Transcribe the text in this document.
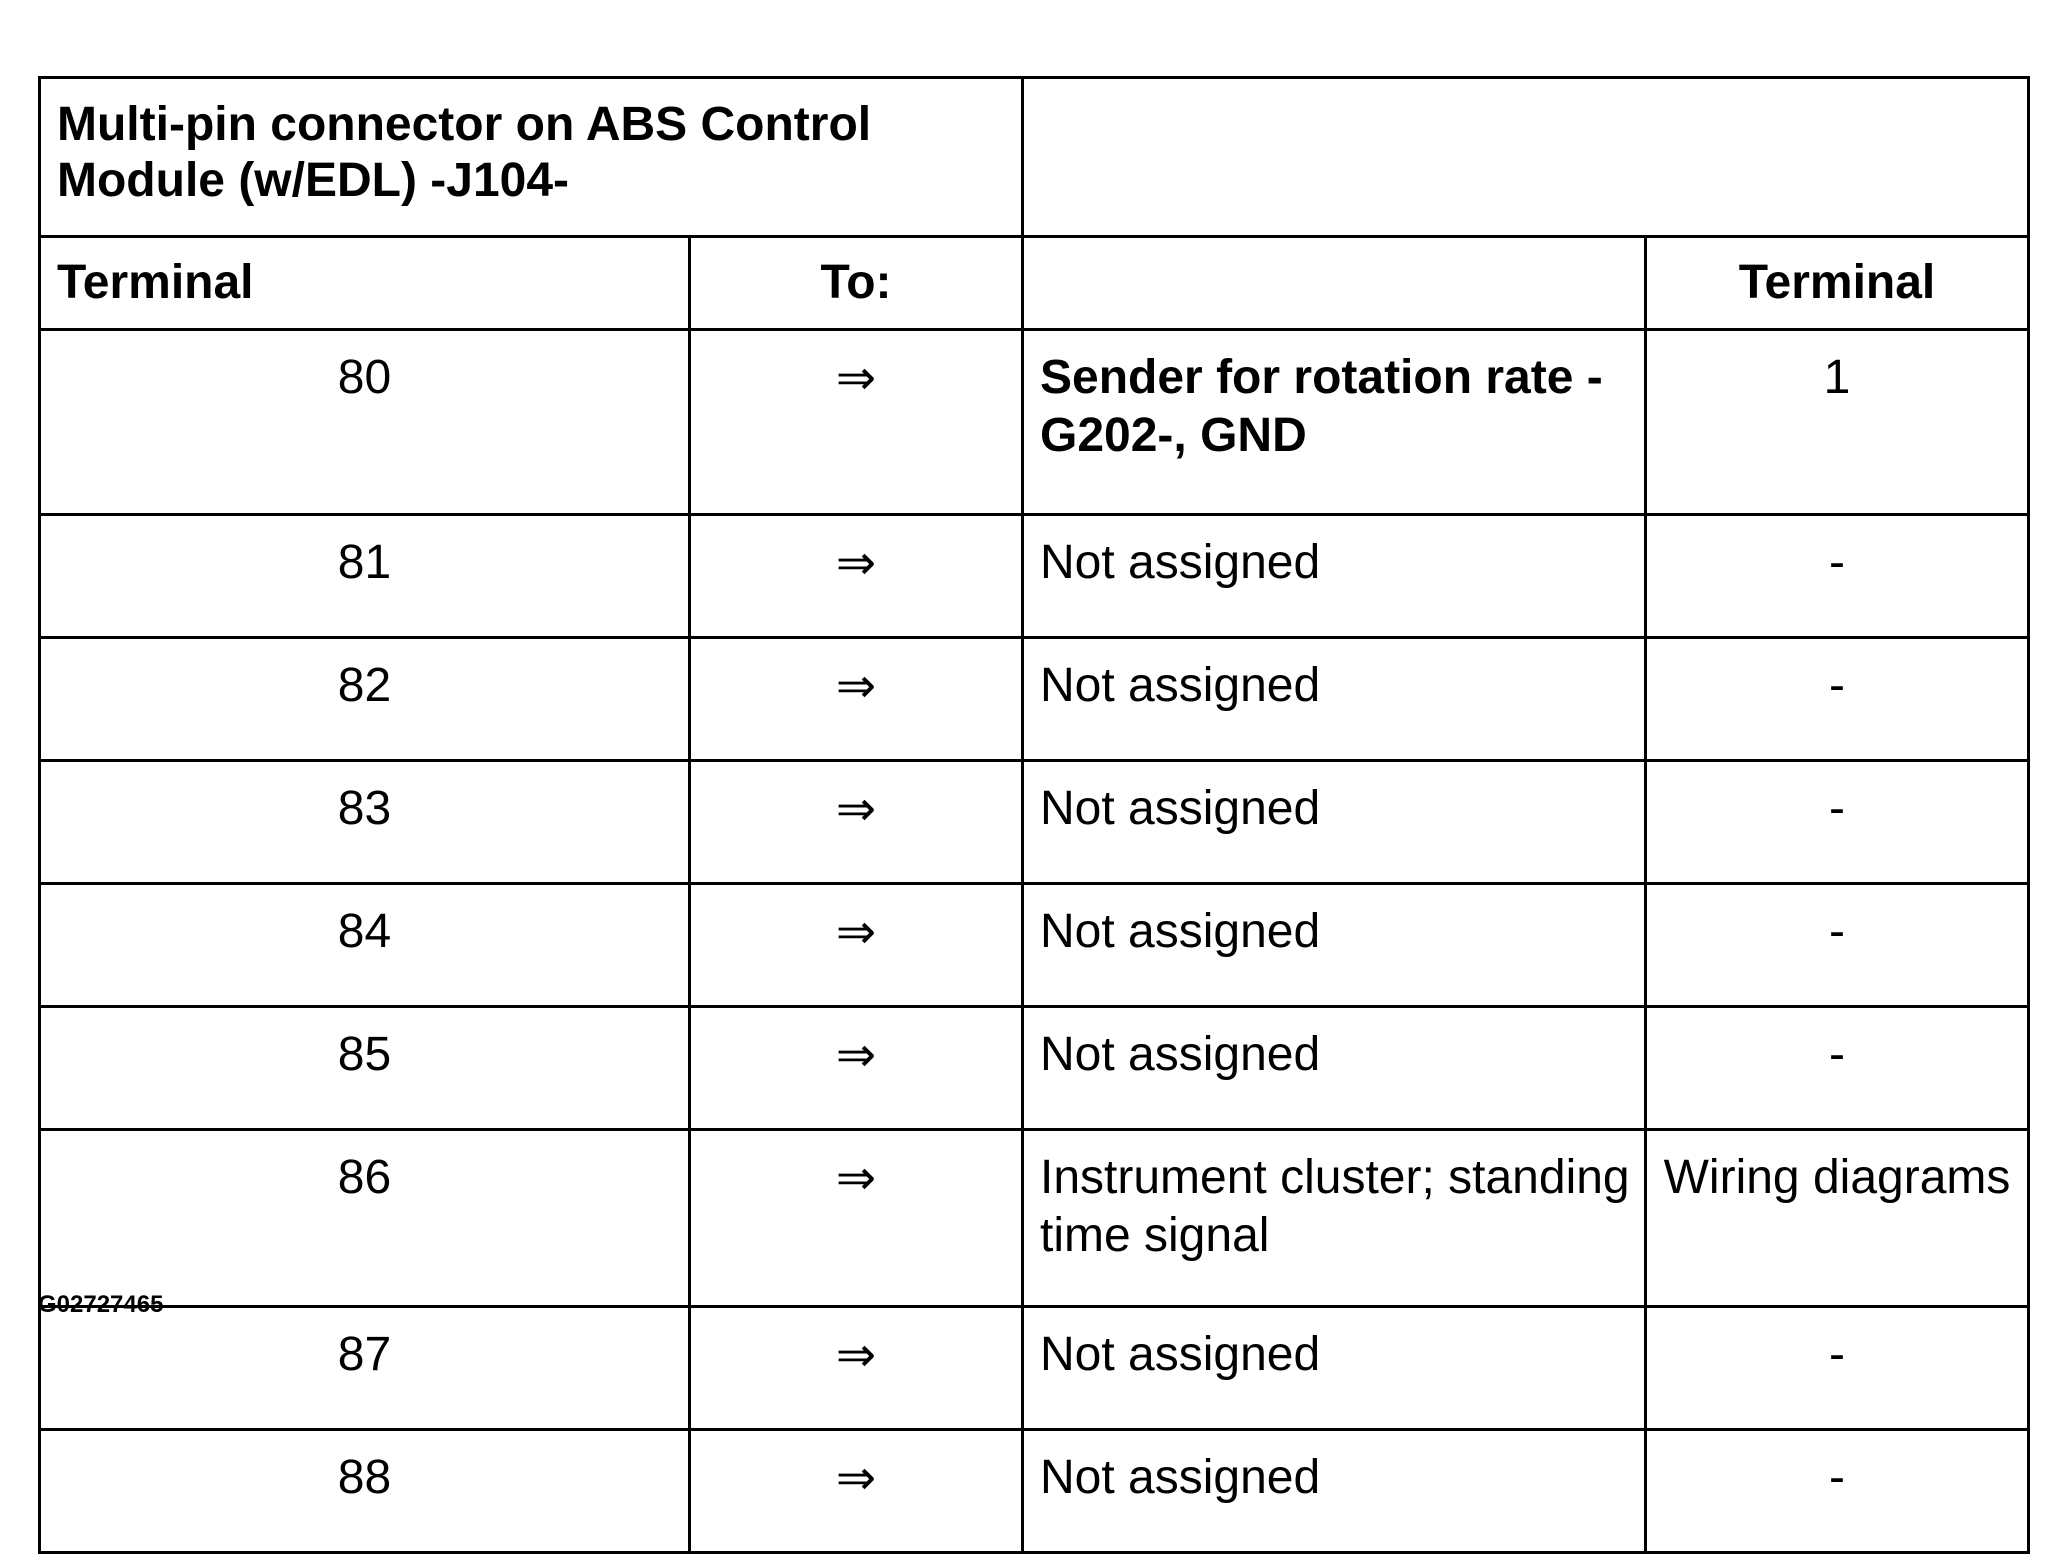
Multi-pin connector on ABS Control Module (w/EDL) -J104-			
Terminal	To:		Terminal
80	⇒	Sender for rotation rate -G202-, GND	1
81	⇒	Not assigned	-
82	⇒	Not assigned	-
83	⇒	Not assigned	-
84	⇒	Not assigned	-
85	⇒	Not assigned	-
86	⇒	Instrument cluster; standing time signal	Wiring diagrams
87	⇒	Not assigned	-
88	⇒	Not assigned	-
G02727465
